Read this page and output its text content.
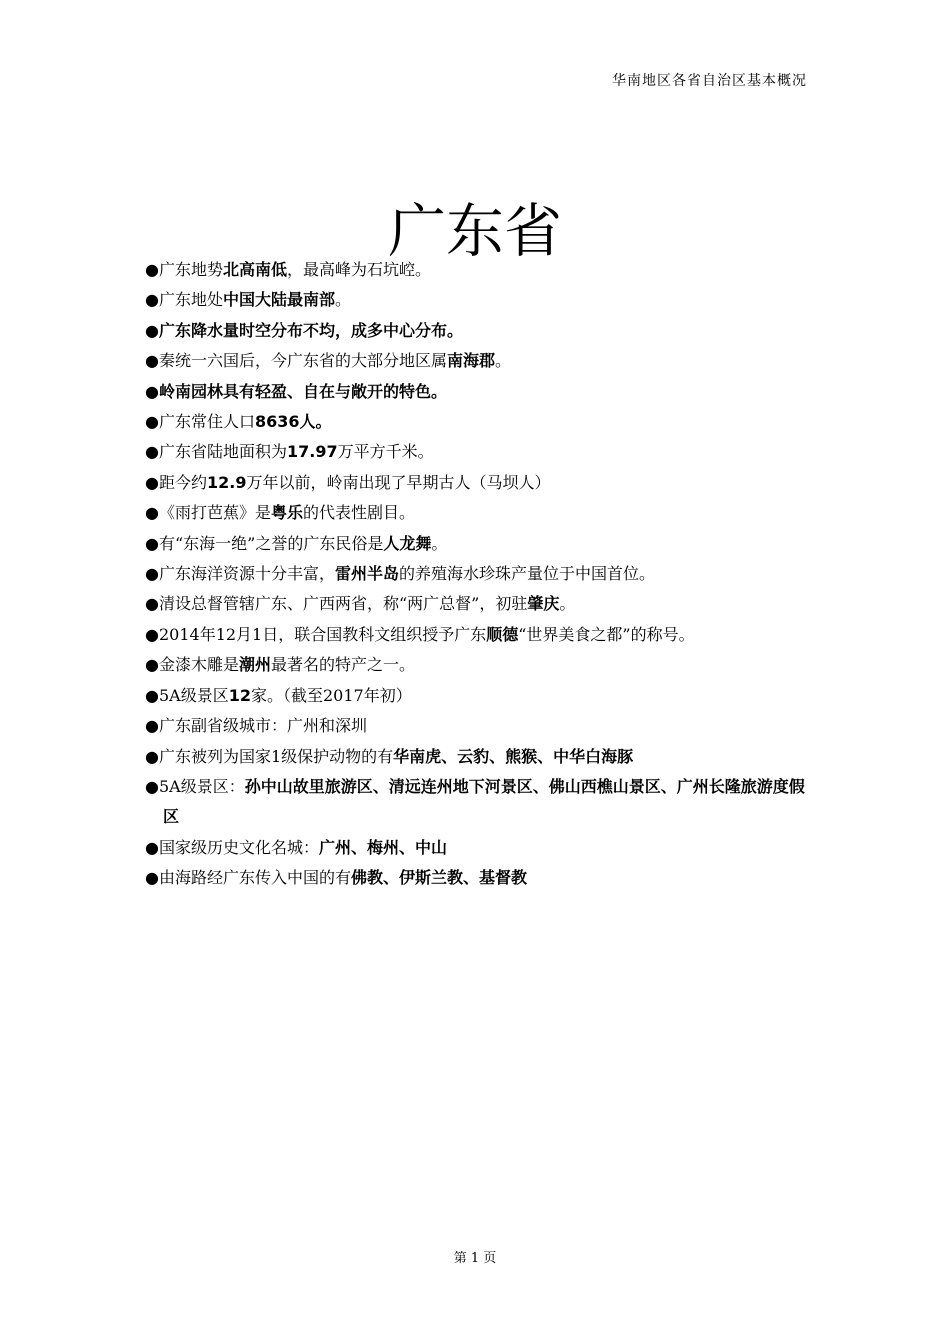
华南地区各省自治区基本概况
广东省
●广东地势北高南低，最高峰为石坑崆。
●广东地处中国大陆最南部。
●广东降水量时空分布不均，成多中心分布。
●秦统一六国后，今广东省的大部分地区属南海郡。
●岭南园林具有轻盈、自在与敞开的特色。
●广东常住人口8636人。
●广东省陆地面积为17.97万平方千米。
●距今约12.9万年以前，岭南出现了早期古人（马坝人）
●《雨打芭蕉》是粤乐的代表性剧目。
●有“东海一绝”之誉的广东民俗是人龙舞。
●广东海洋资源十分丰富，雷州半岛的养殖海水珍珠产量位于中国首位。
●清设总督管辖广东、广西两省，称“两广总督”，初驻肇庆。
●2014年12月1日，联合国教科文组织授予广东顺德“世界美食之都”的称号。
●金漆木雕是潮州最著名的特产之一。
●5A级景区12家。（截至2017年初）
●广东副省级城市：广州和深圳
●广东被列为国家1级保护动物的有华南虎、云豹、熊猴、中华白海豚
●5A级景区：孙中山故里旅游区、清远连州地下河景区、佛山西樵山景区、广州长隆旅游度假区
●国家级历史文化名城：广州、梅州、中山
●由海路经广东传入中国的有佛教、伊斯兰教、基督教
第 1 页
